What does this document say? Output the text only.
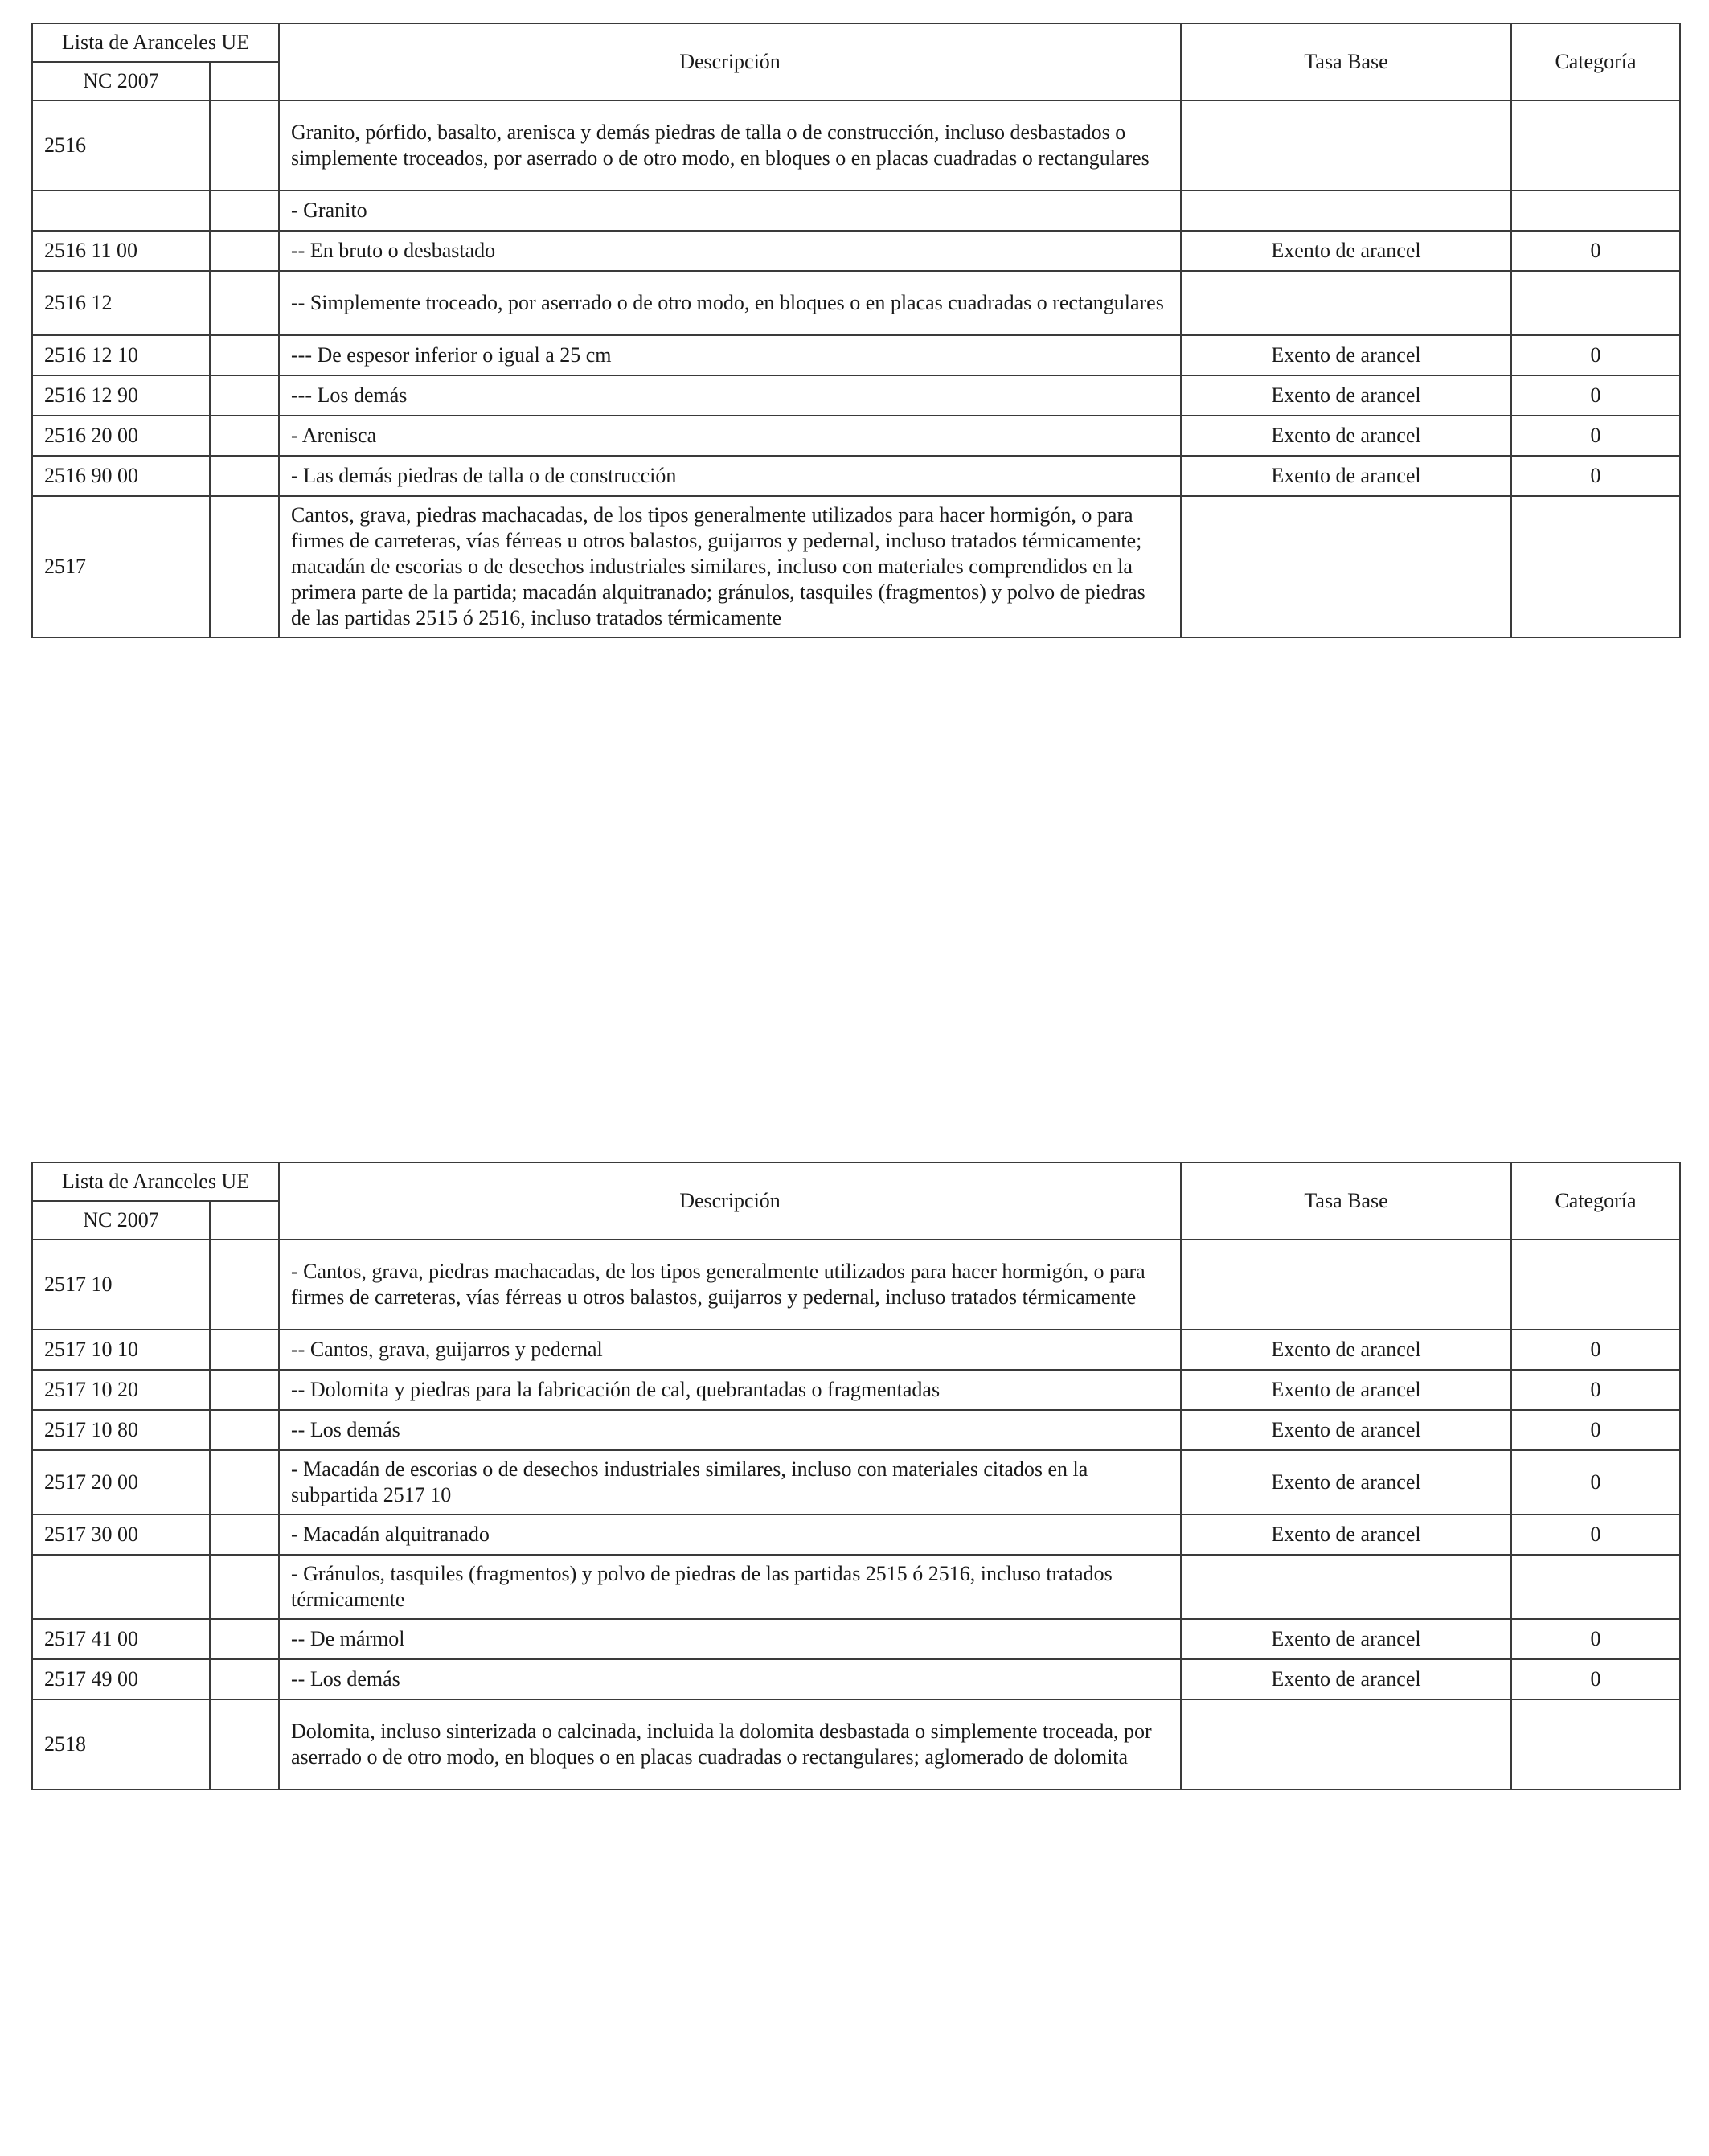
Lista de Aranceles UE		Descripción	Tasa Base	Categoría
NC 2007				
2516		Granito, pórfido, basalto, arenisca y demás piedras de talla o de construcción, incluso desbastados o simplemente troceados, por aserrado o de otro modo, en bloques o en placas cuadradas o rectangulares		
		- Granito		
2516 11 00		-- En bruto o desbastado	Exento de arancel	0
2516 12		-- Simplemente troceado, por aserrado o de otro modo, en bloques o en placas cuadradas o rectangulares		
2516 12 10		--- De espesor inferior o igual a 25 cm	Exento de arancel	0
2516 12 90		--- Los demás	Exento de arancel	0
2516 20 00		- Arenisca	Exento de arancel	0
2516 90 00		- Las demás piedras de talla o de construcción	Exento de arancel	0
2517		Cantos, grava, piedras machacadas, de los tipos generalmente utilizados para hacer hormigón, o para firmes de carreteras, vías férreas u otros balastos, guijarros y pedernal, incluso tratados térmicamente; macadán de escorias o de desechos industriales similares, incluso con materiales comprendidos en la primera parte de la partida; macadán alquitranado; gránulos, tasquiles (fragmentos) y polvo de piedras de las partidas 2515 ó 2516, incluso tratados térmicamente		
Lista de Aranceles UE		Descripción	Tasa Base	Categoría
NC 2007				
2517 10		- Cantos, grava, piedras machacadas, de los tipos generalmente utilizados para hacer hormigón, o para firmes de carreteras, vías férreas u otros balastos, guijarros y pedernal, incluso tratados térmicamente		
2517 10 10		-- Cantos, grava, guijarros y pedernal	Exento de arancel	0
2517 10 20		-- Dolomita y piedras para la fabricación de cal, quebrantadas o fragmentadas	Exento de arancel	0
2517 10 80		-- Los demás	Exento de arancel	0
2517 20 00		- Macadán de escorias o de desechos industriales similares, incluso con materiales citados en la subpartida 2517 10	Exento de arancel	0
2517 30 00		- Macadán alquitranado	Exento de arancel	0
		- Gránulos, tasquiles (fragmentos) y polvo de piedras de las partidas 2515 ó 2516, incluso tratados térmicamente		
2517 41 00		-- De mármol	Exento de arancel	0
2517 49 00		-- Los demás	Exento de arancel	0
2518		Dolomita, incluso sinterizada o calcinada, incluida la dolomita desbastada o simplemente troceada, por aserrado o de otro modo, en bloques o en placas cuadradas o rectangulares; aglomerado de dolomita		
